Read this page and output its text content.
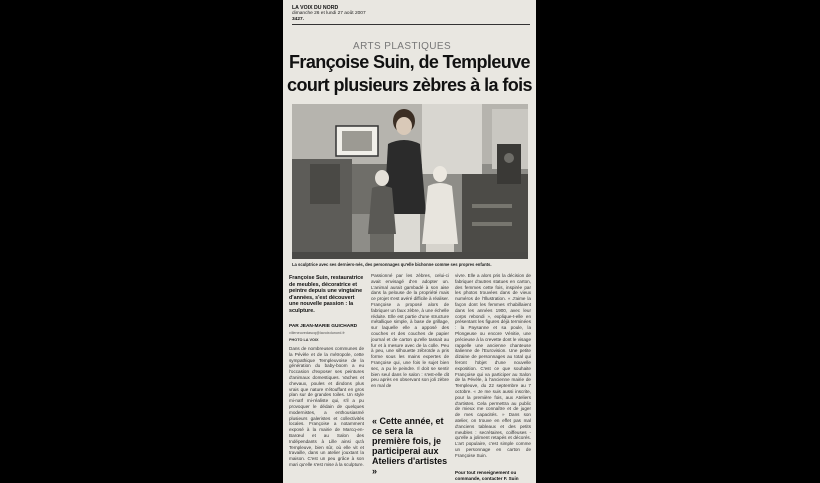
LA VOIX DU NORD
dimanche 26 et lundi 27 août 2007
3427.
ARTS PLASTIQUES
Françoise Suin, de Templeuve
court plusieurs zèbres à la fois
La sculptrice avec ses derniers-nés, des personnages qu'elle bichonne comme ses propres enfants.
Françoise Suin, restauratrice de meubles, décoratrice et peintre depuis une vingtaine d'années, s'est découvert une nouvelle passion : la sculpture.
PAR JEAN-MARIE GUICHARD
villeneuvedascq@lavoixdunord.fr
PHOTO LA VOIX
Dans de nombreuses communes de la Pévèle et de la métropole, cette sympathique Templeuvoise de la génération du baby-boom a eu l'occasion d'exposer ses peintures d'animaux domestiques. Vaches et chevaux, poules et dindons plus vrais que nature s'étouffant en gros plan sur de grandes toiles. Un style mi-naïf mi-réaliste qui, s'il a pu provoquer le dédain de quelques modernistes, a enthousiasmé plusieurs galeristes et collectivités locales. Françoise a notamment exposé à la mairie de Marcq-en-Barœul et au Salon des Indépendants à Lille ainsi qu'à Templeuve, bien sûr, où elle vit et travaille, dans un atelier jouxtant la maison. C'est un peu grâce à son mari qu'elle s'est mise à la sculpture.
Passionné par les zèbres, celui-ci avait envisagé d'en adopter un. L'animal aurait gambadé à son aise dans la pelouse de la propriété mais ce projet s'est avéré difficile à réaliser. Françoise a proposé alors de fabriquer un faux zèbre, à une échelle réduite. Elle est partie d'une structure métallique simple, à base de grillage, sur laquelle elle a apposé des couches et des couches de papier journal et de carton qu'elle tassait au fur et à mesure avec de la colle. Peu à peu, une silhouette zébroïde a pris forme sous les mains expertes de Françoise qui, une fois le sujet bien sec, a pu le peindre. Il doit se sentir bien seul dans le salon : s'est-elle dit peu après en observant son joli zèbre en mal de
« Cette année, et ce sera la première fois, je participerai aux Ateliers d'artistes »
vivre. Elle a alors pris la décision de fabriquer d'autres statues en carton, des femmes cette fois, inspirée par les photos trouvées dans de vieux numéros de l'Illustration. « J'aime la façon dont les femmes s'habillaient dans les années 1900, avec leur corps rebondi », explique-t-elle en présentant les figures déjà terminées : la Paysanne et sa poule, la Plongeuse ou encore Vénitie, une précieuse à la crevette dont le visage rappelle une ancienne chanteuse italienne de l'Eurovision. Une petite dizaine de personnages au total qui feront l'objet d'une nouvelle exposition. C'est ce que souhaite Françoise qui va participer au Salon de la Pévèle, à l'ancienne mairie de Templeuve, du 22 septembre au 7 octobre. « Je me suis aussi inscrite, pour la première fois, aux Ateliers d'artistes. Cela permettra au public de mieux me connaître et de juger de mes capacités. » Dans son atelier, on trouve en effet pas mal d'anciens tableaux et des petits meubles : secrétaires, coiffeuses - qu'elle a joliment retapés et décorés. L'art populaire, c'est simple comme un personnage en carton de Françoise Suin.
Pour tout renseignement ou commande, contacter F. Suin
